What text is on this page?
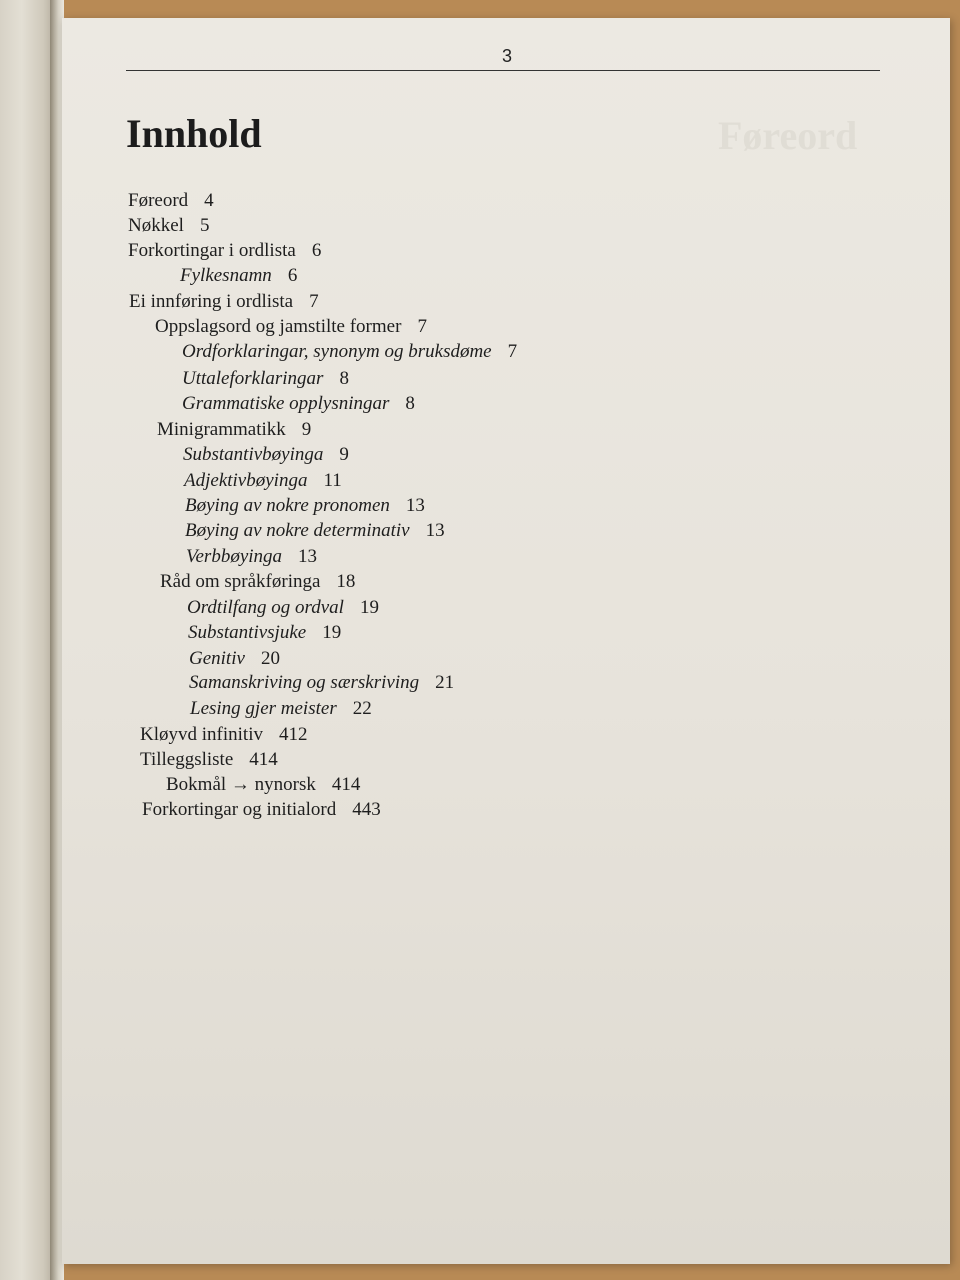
3
Føreord
Innhold
Føreord 4
Nøkkel 5
Forkortingar i ordlista 6
Fylkesnamn 6
Ei innføring i ordlista 7
Oppslagsord og jamstilte former 7
Ordforklaringar, synonym og bruksdøme 7
Uttaleforklaringar 8
Grammatiske opplysningar 8
Minigrammatikk 9
Substantivbøyinga 9
Adjektivbøyinga 11
Bøying av nokre pronomen 13
Bøying av nokre determinativ 13
Verbbøyinga 13
Råd om språkføringa 18
Ordtilfang og ordval 19
Substantivsjuke 19
Genitiv 20
Samanskriving og særskriving 21
Lesing gjer meister 22
Kløyvd infinitiv 412
Tilleggsliste 414
Bokmål → nynorsk 414
Forkortingar og initialord 443
